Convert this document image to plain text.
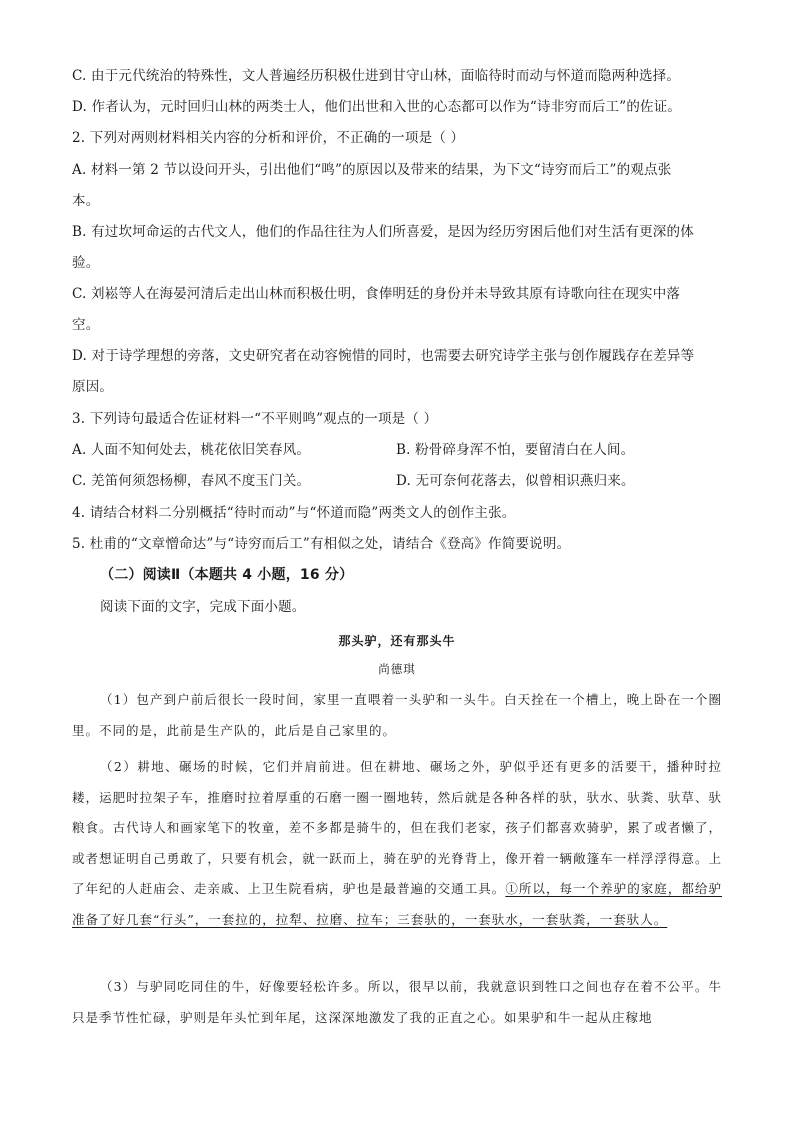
C. 由于元代统治的特殊性，文人普遍经历积极仕进到甘守山林，面临待时而动与怀道而隐两种选择。
D. 作者认为，元时回归山林的两类士人，他们出世和入世的心态都可以作为“诗非穷而后工”的佐证。
2. 下列对两则材料相关内容的分析和评价，不正确的一项是（ ）
A. 材料一第 2 节以设问开头，引出他们“鸣”的原因以及带来的结果，为下文“诗穷而后工”的观点张
本。
B. 有过坎坷命运的古代文人，他们的作品往往为人们所喜爱，是因为经历穷困后他们对生活有更深的体
验。
C. 刘崧等人在海晏河清后走出山林而积极仕明，食俸明廷的身份并未导致其原有诗歌向往在现实中落
空。
D. 对于诗学理想的旁落，文史研究者在动容惋惜的同时，也需要去研究诗学主张与创作履践存在差异等
原因。
3. 下列诗句最适合佐证材料一“不平则鸣”观点的一项是（ ）
A. 人面不知何处去，桃花依旧笑春风。	B. 粉骨碎身浑不怕，要留清白在人间。
C. 羌笛何须怨杨柳，春风不度玉门关。	D. 无可奈何花落去，似曾相识燕归来。
4. 请结合材料二分别概括“待时而动”与“怀道而隐”两类文人的创作主张。
5. 杜甫的“文章憎命达”与“诗穷而后工”有相似之处，请结合《登高》作简要说明。
（二）阅读Ⅱ（本题共 4 小题，16 分）
阅读下面的文字，完成下面小题。
那头驴，还有那头牛
尚德琪
（1）包产到户前后很长一段时间，家里一直喂着一头驴和一头牛。白天拴在一个槽上，晚上卧在一个圈里。不同的是，此前是生产队的，此后是自己家里的。
（2）耕地、碾场的时候，它们并肩前进。但在耕地、碾场之外，驴似乎还有更多的活要干，播种时拉耧，运肥时拉架子车，推磨时拉着厚重的石磨一圈一圈地转，然后就是各种各样的驮，驮水、驮粪、驮草、驮粮食。古代诗人和画家笔下的牧童，差不多都是骑牛的，但在我们老家，孩子们都喜欢骑驴，累了或者懒了，或者想证明自己勇敢了，只要有机会，就一跃而上，骑在驴的光脊背上，像开着一辆敞篷车一样浮浮得意。上了年纪的人赶庙会、走亲戚、上卫生院看病，驴也是最普遍的交通工具。①所以，每一个养驴的家庭，都给驴准备了好几套“行头”，一套拉的，拉犁、拉磨、拉车；三套驮的，一套驮水，一套驮粪，一套驮人。
（3）与驴同吃同住的牛，好像要轻松许多。所以，很早以前，我就意识到牲口之间也存在着不公平。牛只是季节性忙碌，驴则是年头忙到年尾，这深深地激发了我的正直之心。如果驴和牛一起从庄稼地
